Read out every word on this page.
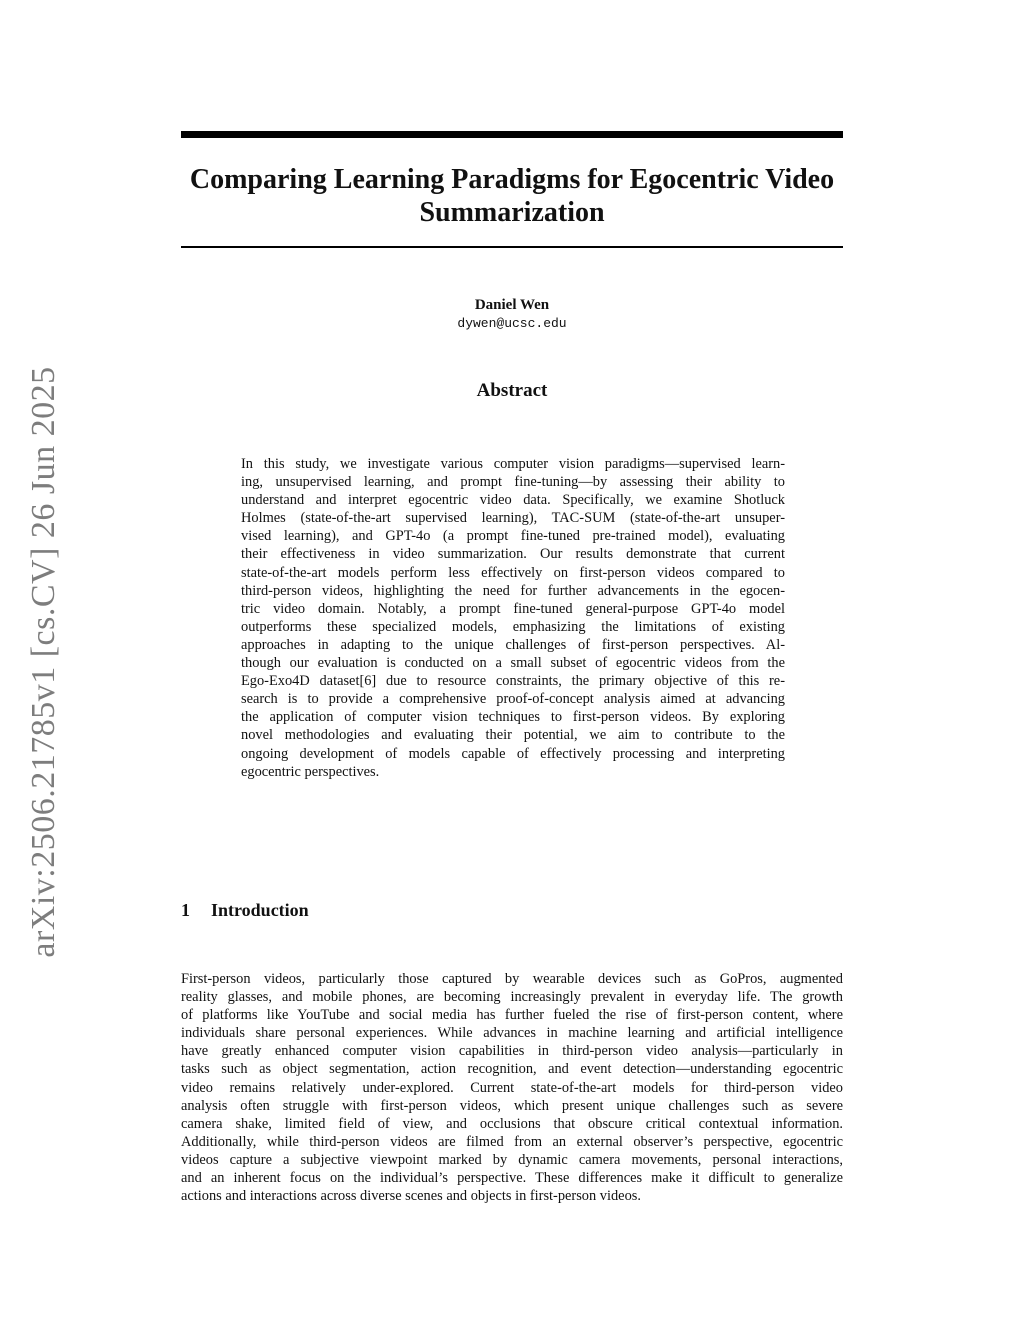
arXiv:2506.21785v1 [cs.CV] 26 Jun 2025
Comparing Learning Paradigms for Egocentric Video
Summarization
Daniel Wen
dywen@ucsc.edu
Abstract
In this study, we investigate various computer vision paradigms—supervised learn-
ing, unsupervised learning, and prompt fine-tuning—by assessing their ability to
understand and interpret egocentric video data. Specifically, we examine Shotluck
Holmes (state-of-the-art supervised learning), TAC-SUM (state-of-the-art unsuper-
vised learning), and GPT-4o (a prompt fine-tuned pre-trained model), evaluating
their effectiveness in video summarization. Our results demonstrate that current
state-of-the-art models perform less effectively on first-person videos compared to
third-person videos, highlighting the need for further advancements in the egocen-
tric video domain. Notably, a prompt fine-tuned general-purpose GPT-4o model
outperforms these specialized models, emphasizing the limitations of existing
approaches in adapting to the unique challenges of first-person perspectives. Al-
though our evaluation is conducted on a small subset of egocentric videos from the
Ego-Exo4D dataset[6] due to resource constraints, the primary objective of this re-
search is to provide a comprehensive proof-of-concept analysis aimed at advancing
the application of computer vision techniques to first-person videos. By exploring
novel methodologies and evaluating their potential, we aim to contribute to the
ongoing development of models capable of effectively processing and interpreting
egocentric perspectives.
1 Introduction
First-person videos, particularly those captured by wearable devices such as GoPros, augmented
reality glasses, and mobile phones, are becoming increasingly prevalent in everyday life. The growth
of platforms like YouTube and social media has further fueled the rise of first-person content, where
individuals share personal experiences. While advances in machine learning and artificial intelligence
have greatly enhanced computer vision capabilities in third-person video analysis—particularly in
tasks such as object segmentation, action recognition, and event detection—understanding egocentric
video remains relatively under-explored. Current state-of-the-art models for third-person video
analysis often struggle with first-person videos, which present unique challenges such as severe
camera shake, limited field of view, and occlusions that obscure critical contextual information.
Additionally, while third-person videos are filmed from an external observer’s perspective, egocentric
videos capture a subjective viewpoint marked by dynamic camera movements, personal interactions,
and an inherent focus on the individual’s perspective. These differences make it difficult to generalize
actions and interactions across diverse scenes and objects in first-person videos.
